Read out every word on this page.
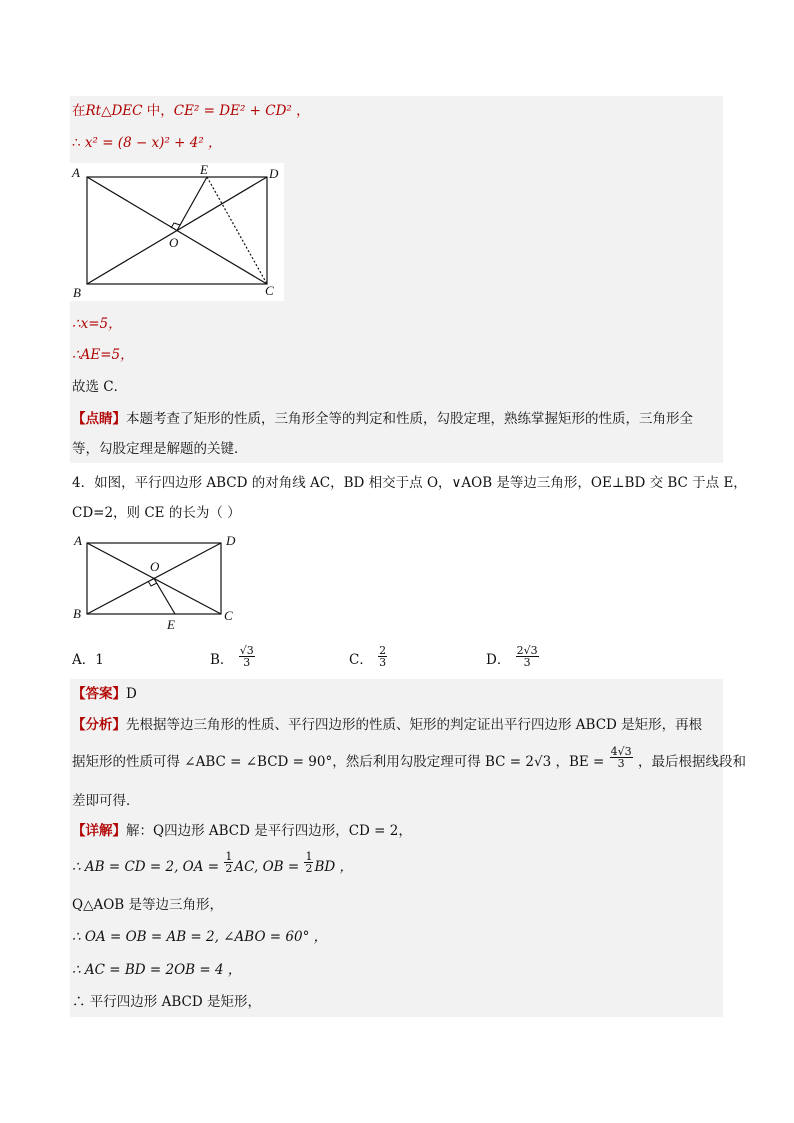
在Rt△DEC 中，CE² = DE² + CD² ，
∴ x² = (8 − x)² + 4² ，
A	E	D
O
B	C
∴x=5，
∴AE=5，
故选 C．
【点睛】本题考查了矩形的性质，三角形全等的判定和性质，勾股定理，熟练掌握矩形的性质，三角形全
等，勾股定理是解题的关键．
4．如图，平行四边形 ABCD 的对角线 AC，BD 相交于点 O，∨AOB 是等边三角形，OE⊥BD 交 BC 于点 E，
CD=2，则 CE 的长为（ ）
A	D
O
B	C
E
A．1	B． $\frac{√3}{3}$	C． $\frac{2}{3}$	D． $\frac{2√3}{3}$
【答案】D
【分析】先根据等边三角形的性质、平行四边形的性质、矩形的判定证出平行四边形 ABCD 是矩形，再根
据矩形的性质可得 ∠ABC = ∠BCD = 90°，然后利用勾股定理可得 BC = 2√3 ，BE = $\frac{4√3}{3}$ ，最后根据线段和
差即可得．
【详解】解：Q四边形 ABCD 是平行四边形，CD = 2，
∴ AB = CD = 2, OA = $\frac{1}{2}$ AC, OB = $\frac{1}{2}$ BD ，
Q△AOB 是等边三角形，
∴ OA = OB = AB = 2, ∠ABO = 60° ，
∴ AC = BD = 2OB = 4 ，
∴ 平行四边形 ABCD 是矩形，
